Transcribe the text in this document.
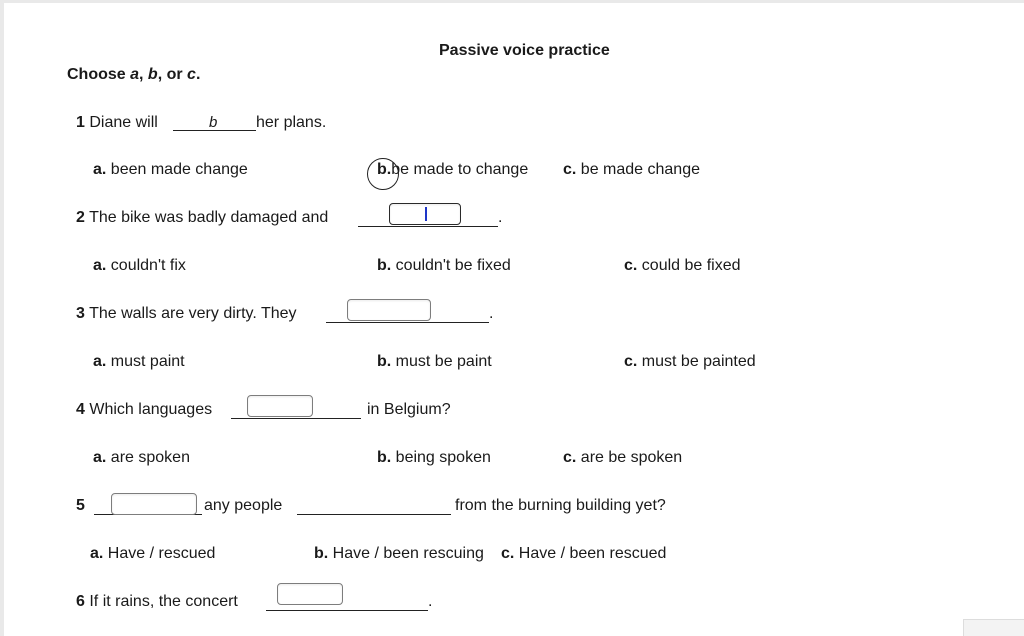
Passive voice practice
Choose a, b, or c.
1 Diane will	b her plans.
a. been made change	b.be made to change c. be made change
2 The bike was badly damaged and	.
a. couldn't fix	b. couldn't be fixed	c. could be fixed
3 The walls are very dirty. They	.
a. must paint	b. must be paint	c. must be painted
4 Which languages	in Belgium?
a. are spoken	b. being spoken	c. are be spoken
5	any people	from the burning building yet?
a. Have / rescued	b. Have / been rescuing c. Have / been rescued
6 If it rains, the concert	.
